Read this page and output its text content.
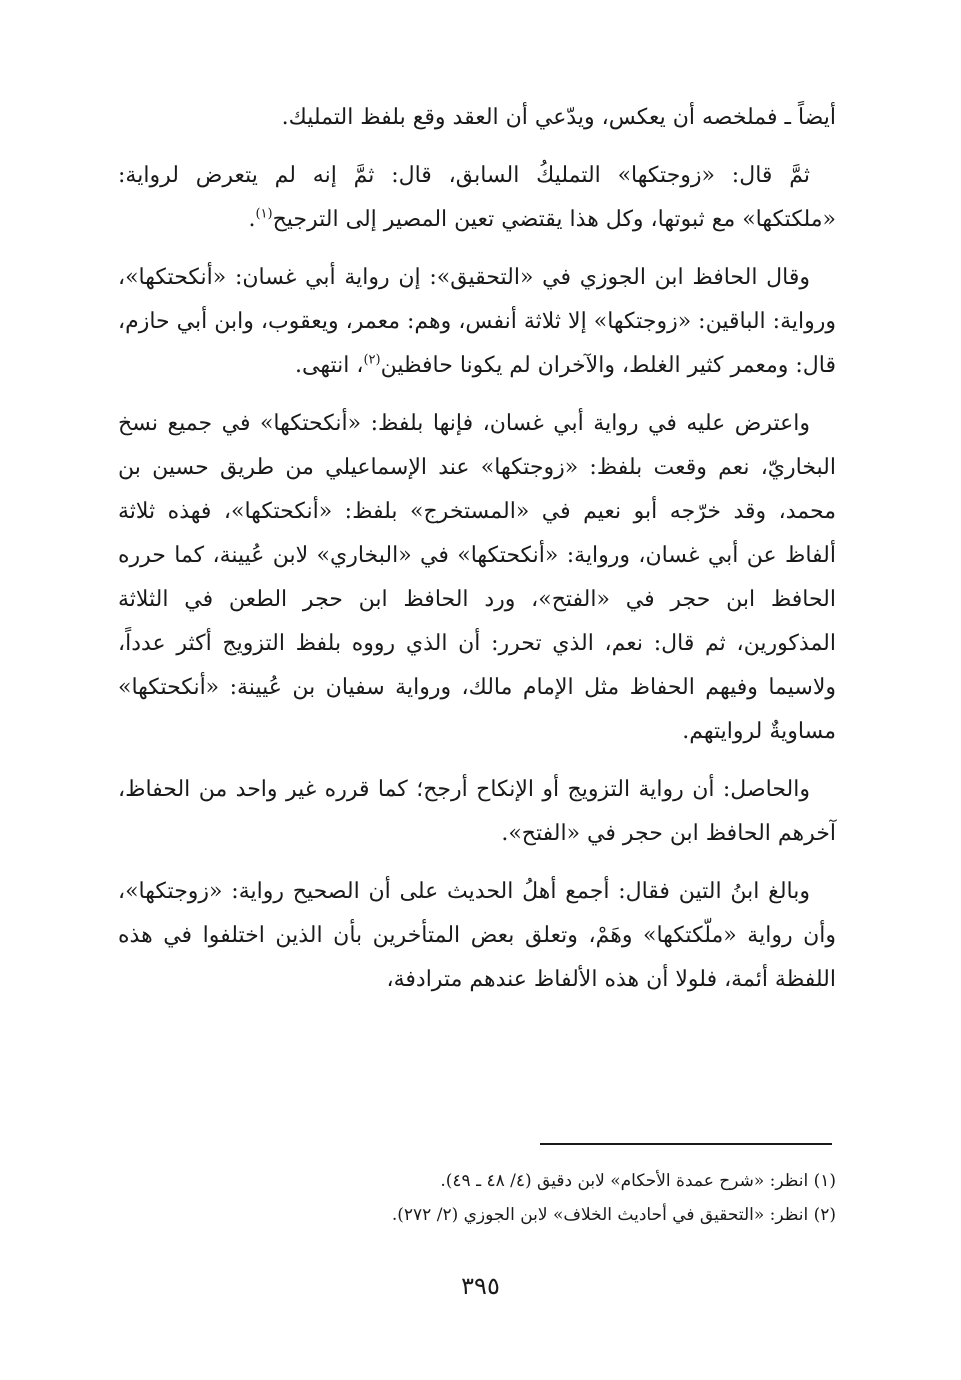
أيضاً ـ فملخصه أن يعكس، ويدّعي أن العقد وقع بلفظ التمليك.

ثمَّ قال: «زوجتكها» التمليكُ السابق، قال: ثمَّ إنه لم يتعرض لرواية: «ملكتكها» مع ثبوتها، وكل هذا يقتضي تعين المصير إلى الترجيح$^{(١)}$.

وقال الحافظ ابن الجوزي في «التحقيق»: إن رواية أبي غسان: «أنكحتكها»، ورواية: الباقين: «زوجتكها» إلا ثلاثة أنفس، وهم: معمر، ويعقوب، وابن أبي حازم، قال: ومعمر كثير الغلط، والآخران لم يكونا حافظين$^{(٢)}$، انتهى.

واعترض عليه في رواية أبي غسان، فإنها بلفظ: «أنكحتكها» في جميع نسخ البخاريّ، نعم وقعت بلفظ: «زوجتكها» عند الإسماعيلي من طريق حسين بن محمد، وقد خرّجه أبو نعيم في «المستخرج» بلفظ: «أنكحتكها»، فهذه ثلاثة ألفاظ عن أبي غسان، ورواية: «أنكحتكها» في «البخاري» لابن عُيينة، كما حرره الحافظ ابن حجر في «الفتح»، ورد الحافظ ابن حجر الطعن في الثلاثة المذكورين، ثم قال: نعم، الذي تحرر: أن الذي رووه بلفظ التزويج أكثر عدداً، ولاسيما وفيهم الحفاظ مثل الإمام مالك، ورواية سفيان بن عُيينة: «أنكحتكها» مساويةٌ لروايتهم.

والحاصل: أن رواية التزويج أو الإنكاح أرجح؛ كما قرره غير واحد من الحفاظ، آخرهم الحافظ ابن حجر في «الفتح».

وبالغ ابنُ التين فقال: أجمع أهلُ الحديث على أن الصحيح رواية: «زوجتكها»، وأن رواية «ملّكتكها» وهَمْ، وتعلق بعض المتأخرين بأن الذين اختلفوا في هذه اللفظة أئمة، فلولا أن هذه الألفاظ عندهم مترادفة،

(١) انظر: «شرح عمدة الأحكام» لابن دقيق (٤/ ٤٨ ـ ٤٩).

(٢) انظر: «التحقيق في أحاديث الخلاف» لابن الجوزي (٢/ ٢٧٢).

٣٩٥
